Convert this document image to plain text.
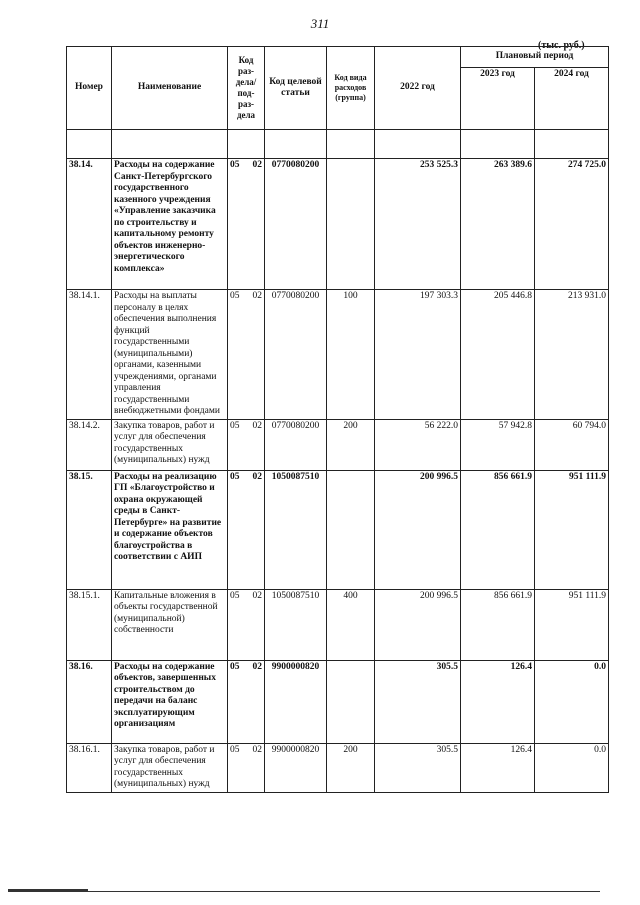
311
(тыс. руб.)
Номер	Наименование	Код раз-дела/под-раз-дела	Код целевой статьи	Код вида расходов (группа)	2022 год	Плановый период	
						2023 год	2024 год

38.14.	Расходы на содержание Санкт-Петербургского государственного казенного учреждения «Управление заказчика по строительству и капитальному ремонту объектов инженерно-энергетического комплекса»	05 02	0770080200		253 525.3	263 389.6	274 725.0
38.14.1.	Расходы на выплаты персоналу в целях обеспечения выполнения функций государственными (муниципальными) органами, казенными учреждениями, органами управления государственными внебюджетными фондами	05 02	0770080200	100	197 303.3	205 446.8	213 931.0
38.14.2.	Закупка товаров, работ и услуг для обеспечения государственных (муниципальных) нужд	05 02	0770080200	200	56 222.0	57 942.8	60 794.0
38.15.	Расходы на реализацию ГП «Благоустройство и охрана окружающей среды в Санкт-Петербурге» на развитие и содержание объектов благоустройства в соответствии с АИП	05 02	1050087510		200 996.5	856 661.9	951 111.9
38.15.1.	Капитальные вложения в объекты государственной (муниципальной) собственности	05 02	1050087510	400	200 996.5	856 661.9	951 111.9
38.16.	Расходы на содержание объектов, завершенных строительством до передачи на баланс эксплуатирующим организациям	05 02	9900000820		305.5	126.4	0.0
38.16.1.	Закупка товаров, работ и услуг для обеспечения государственных (муниципальных) нужд	05 02	9900000820	200	305.5	126.4	0.0
